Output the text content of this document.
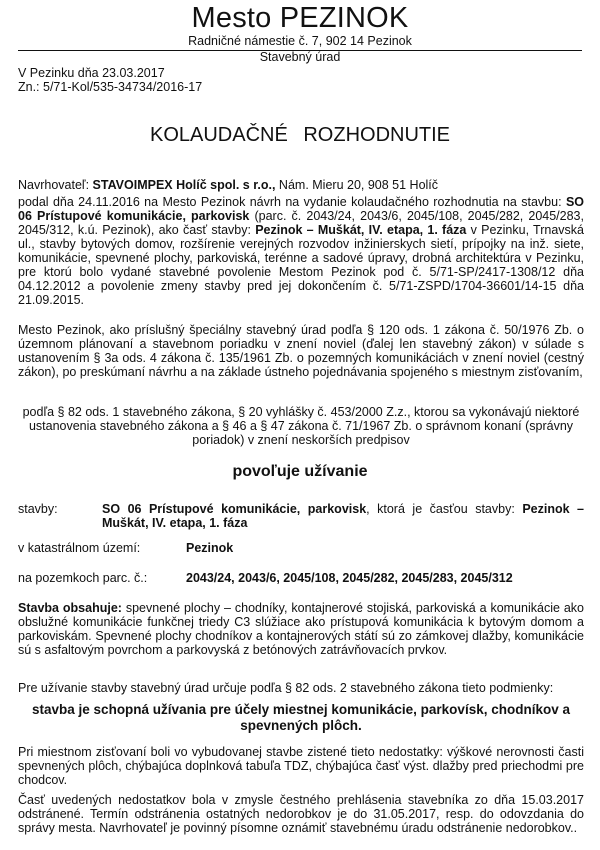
Mesto PEZINOK
Radničné námestie č. 7, 902 14 Pezinok
Stavebný úrad
V Pezinku dňa 23.03.2017
Zn.: 5/71-Kol/535-34734/2016-17
KOLAUDAČNÉ ROZHODNUTIE
Navrhovateľ: STAVOIMPEX Holíč spol. s r.o., Nám. Mieru 20, 908 51 Holíč
podal dňa 24.11.2016 na Mesto Pezinok návrh na vydanie kolaudačného rozhodnutia na stavbu: SO 06 Prístupové komunikácie, parkovisk (parc. č. 2043/24, 2043/6, 2045/108, 2045/282, 2045/283, 2045/312, k.ú. Pezinok), ako časť stavby: Pezinok – Muškát, IV. etapa, 1. fáza v Pezinku, Trnavská ul., stavby bytových domov, rozšírenie verejných rozvodov inžinierskych sietí, prípojky na inž. siete, komunikácie, spevnené plochy, parkoviská, terénne a sadové úpravy, drobná architektúra v Pezinku, pre ktorú bolo vydané stavebné povolenie Mestom Pezinok pod č. 5/71-SP/2417-1308/12 dňa 04.12.2012 a povolenie zmeny stavby pred jej dokončením č. 5/71-ZSPD/1704-36601/14-15 dňa 21.09.2015.
Mesto Pezinok, ako príslušný špeciálny stavebný úrad podľa § 120 ods. 1 zákona č. 50/1976 Zb. o územnom plánovaní a stavebnom poriadku v znení noviel (ďalej len stavebný zákon) v súlade s ustanovením § 3a ods. 4 zákona č. 135/1961 Zb. o pozemných komunikáciách v znení noviel (cestný zákon), po preskúmaní návrhu a na základe ústneho pojednávania spojeného s miestnym zisťovaním,
podľa § 82 ods. 1 stavebného zákona, § 20 vyhlášky č. 453/2000 Z.z., ktorou sa vykonávajú niektoré ustanovenia stavebného zákona a § 46 a § 47 zákona č. 71/1967 Zb. o správnom konaní (správny poriadok) v znení neskorších predpisov
povoľuje užívanie
stavby:	SO 06 Prístupové komunikácie, parkovisk, ktorá je časťou stavby: Pezinok – Muškát, IV. etapa, 1. fáza
v katastrálnom území:	Pezinok
na pozemkoch parc. č.:	2043/24, 2043/6, 2045/108, 2045/282, 2045/283, 2045/312
Stavba obsahuje: spevnené plochy – chodníky, kontajnerové stojiská, parkoviská a komunikácie ako obslužné komunikácie funkčnej triedy C3 slúžiace ako prístupová komunikácia k bytovým domom a parkoviskám. Spevnené plochy chodníkov a kontajnerových státí sú zo zámkovej dlažby, komunikácie sú s asfaltovým povrchom a parkovyská z betónových zatrávňovacích prvkov.
Pre užívanie stavby stavebný úrad určuje podľa § 82 ods. 2 stavebného zákona tieto podmienky:
stavba je schopná užívania pre účely miestnej komunikácie, parkovísk, chodníkov a spevnených plôch.
Pri miestnom zisťovaní boli vo vybudovanej stavbe zistené tieto nedostatky: výškové nerovnosti časti spevnených plôch, chýbajúca doplnková tabuľa TDZ, chýbajúca časť výst. dlažby pred priechodmi pre chodcov.
Časť uvedených nedostatkov bola v zmysle čestného prehlásenia stavebníka zo dňa 15.03.2017 odstránené. Termín odstránenia ostatných nedorobkov je do 31.05.2017, resp. do odovzdania do správy mesta. Navrhovateľ je povinný písomne oznámiť stavebnému úradu odstránenie nedorobkov..
